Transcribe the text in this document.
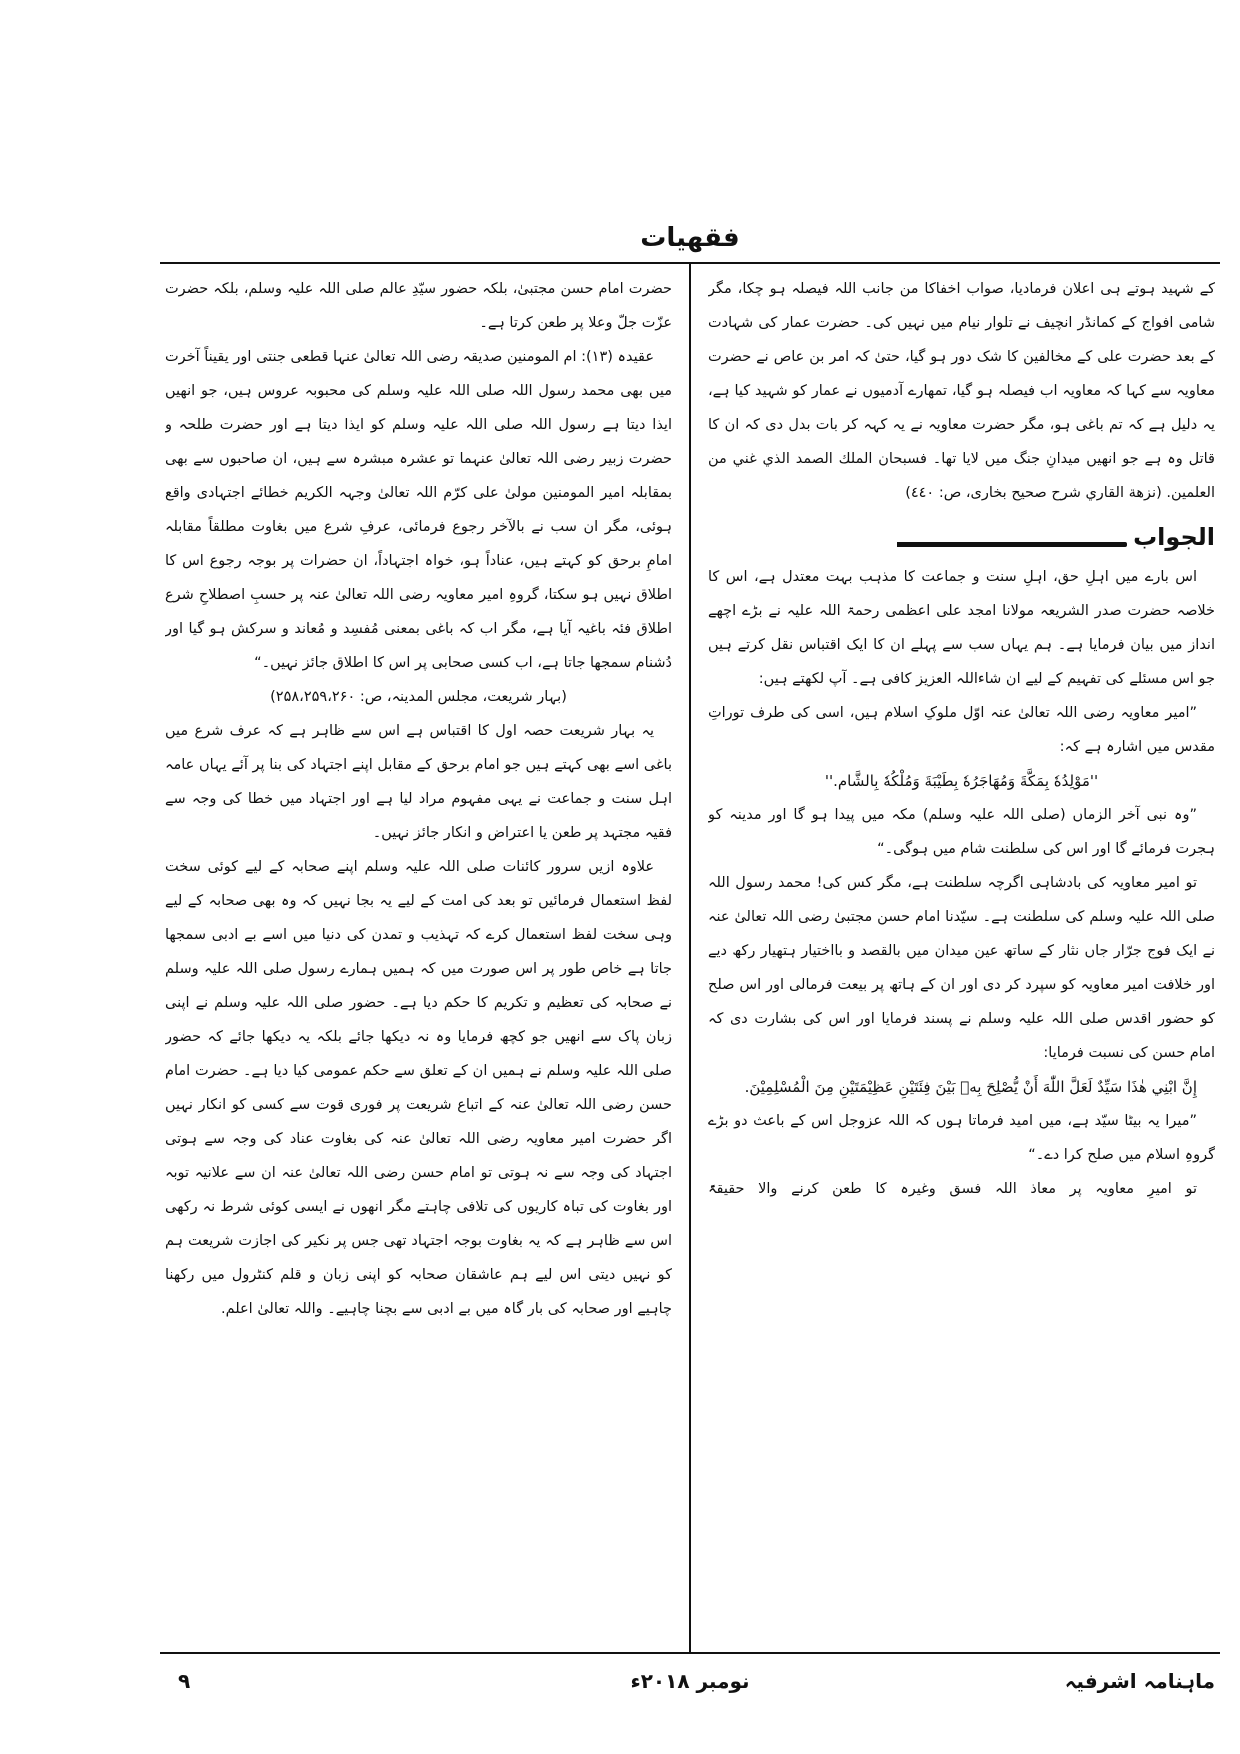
فقهيات

کے شہید ہوتے ہی اعلان فرمادیا، صواب اخفاکا من جانب اللہ فیصلہ ہو چکا، مگر شامی افواج کے کمانڈر انچیف نے تلوار نیام میں نہیں کی۔ حضرت عمار کی شہادت کے بعد حضرت علی کے مخالفین کا شک دور ہو گیا، حتیٰ کہ امر بن عاص نے حضرت معاویہ سے کہا کہ معاویہ اب فیصلہ ہو گیا، تمھارے آدمیوں نے عمار کو شہید کیا ہے، یہ دلیل ہے کہ تم باغی ہو، مگر حضرت معاویہ نے یہ کہہ کر بات بدل دی کہ ان کا قاتل وہ ہے جو انھیں میدانِ جنگ میں لایا تھا۔ فسبحان الملك الصمد الذي غني من العلمين. (نزهة القاري شرح صحيح بخاری، ص: ٤٤٠)

الجواب

اس بارے میں اہلِ حق، اہلِ سنت و جماعت کا مذہب بہت معتدل ہے، اس کا خلاصہ حضرت صدر الشریعہ مولانا امجد علی اعظمی رحمۃ اللہ علیہ نے بڑے اچھے انداز میں بیان فرمایا ہے۔ ہم یہاں سب سے پہلے ان کا ایک اقتباس نقل کرتے ہیں جو اس مسئلے کی تفہیم کے لیے ان شاءاللہ العزیز کافی ہے۔ آپ لکھتے ہیں:

”امیر معاویہ رضی اللہ تعالیٰ عنہ اوّل ملوکِ اسلام ہیں، اسی کی طرف توراتِ مقدس میں اشارہ ہے کہ:

''مَوْلِدُهٗ بِمَكَّةَ وَمُهَاجَرُهٗ بِطَيْبَةَ وَمُلْكُهٗ بِالشَّام.''

”وہ نبی آخر الزماں (صلی اللہ علیہ وسلم) مکہ میں پیدا ہو گا اور مدینہ کو ہجرت فرمائے گا اور اس کی سلطنت شام میں ہوگی۔“

تو امیر معاویہ کی بادشاہی اگرچہ سلطنت ہے، مگر کس کی! محمد رسول اللہ صلی اللہ علیہ وسلم کی سلطنت ہے۔ سیّدنا امام حسن مجتبیٰ رضی اللہ تعالیٰ عنہ نے ایک فوج جرّار جاں نثار کے ساتھ عین میدان میں بالقصد و بااختیار ہتھیار رکھ دیے اور خلافت امیر معاویہ کو سپرد کر دی اور ان کے ہاتھ پر بیعت فرمالی اور اس صلح کو حضور اقدس صلی اللہ علیہ وسلم نے پسند فرمایا اور اس کی بشارت دی کہ امام حسن کی نسبت فرمایا:

إِنَّ ابْنِي هٰذَا سَيِّدٌ لَعَلَّ اللّٰهَ أَنْ يُّصْلِحَ بِهٖ بَيْنَ فِئَتَيْنِ عَظِيْمَتَيْنِ مِنَ الْمُسْلِمِيْنَ.

”میرا یہ بیٹا سیّد ہے، میں امید فرماتا ہوں کہ اللہ عزوجل اس کے باعث دو بڑے گروہِ اسلام میں صلح کرا دے۔“

تو امیرِ معاویہ پر معاذ اللہ فسق وغیرہ کا طعن کرنے والا حقیقۃً

حضرت امام حسن مجتبیٰ، بلکہ حضور سیّدِ عالم صلی اللہ علیہ وسلم، بلکہ حضرت عزّت جلّ وعلا پر طعن کرتا ہے۔

عقیدہ (۱۳): ام المومنین صدیقہ رضی اللہ تعالیٰ عنہا قطعی جنتی اور یقیناً آخرت میں بھی محمد رسول اللہ صلی اللہ علیہ وسلم کی محبوبہ عروس ہیں، جو انھیں ایذا دیتا ہے رسول اللہ صلی اللہ علیہ وسلم کو ایذا دیتا ہے اور حضرت طلحہ و حضرت زبیر رضی اللہ تعالیٰ عنہما تو عشرہ مبشرہ سے ہیں، ان صاحبوں سے بھی بمقابلہ امیر المومنین مولیٰ علی کرّم اللہ تعالیٰ وجہہ الکریم خطائے اجتہادی واقع ہوئی، مگر ان سب نے بالآخر رجوع فرمائی، عرفِ شرع میں بغاوت مطلقاً مقابلہ امامِ برحق کو کہتے ہیں، عناداً ہو، خواہ اجتہاداً، ان حضرات پر بوجہ رجوع اس کا اطلاق نہیں ہو سکتا، گروہِ امیر معاویہ رضی اللہ تعالیٰ عنہ پر حسبِ اصطلاحِ شرع اطلاق فئہ باغیہ آیا ہے، مگر اب کہ باغی بمعنی مُفسِد و مُعاند و سرکش ہو گیا اور دُشنام سمجھا جاتا ہے، اب کسی صحابی پر اس کا اطلاق جائز نہیں۔“

(بہار شریعت، مجلس المدینہ، ص: ۲۵۸،۲۵۹،۲۶۰)

یہ بہار شریعت حصہ اول کا اقتباس ہے اس سے ظاہر ہے کہ عرف شرع میں باغی اسے بھی کہتے ہیں جو امام برحق کے مقابل اپنے اجتہاد کی بنا پر آئے یہاں عامہ اہل سنت و جماعت نے یہی مفہوم مراد لیا ہے اور اجتہاد میں خطا کی وجہ سے فقیہ مجتہد پر طعن یا اعتراض و انکار جائز نہیں۔

علاوہ ازیں سرور کائنات صلی اللہ علیہ وسلم اپنے صحابہ کے لیے کوئی سخت لفظ استعمال فرمائیں تو بعد کی امت کے لیے یہ بجا نہیں کہ وہ بھی صحابہ کے لیے وہی سخت لفظ استعمال کرے کہ تہذیب و تمدن کی دنیا میں اسے بے ادبی سمجھا جاتا ہے خاص طور پر اس صورت میں کہ ہمیں ہمارے رسول صلی اللہ علیہ وسلم نے صحابہ کی تعظیم و تکریم کا حکم دیا ہے۔ حضور صلی اللہ علیہ وسلم نے اپنی زبان پاک سے انھیں جو کچھ فرمایا وہ نہ دیکھا جائے بلکہ یہ دیکھا جائے کہ حضور صلی اللہ علیہ وسلم نے ہمیں ان کے تعلق سے حکم عمومی کیا دیا ہے۔ حضرت امام حسن رضی اللہ تعالیٰ عنہ کے اتباع شریعت پر فوری قوت سے کسی کو انکار نہیں اگر حضرت امیر معاویہ رضی اللہ تعالیٰ عنہ کی بغاوت عناد کی وجہ سے ہوتی اجتہاد کی وجہ سے نہ ہوتی تو امام حسن رضی اللہ تعالیٰ عنہ ان سے علانیہ توبہ اور بغاوت کی تباہ کاریوں کی تلافی چاہتے مگر انھوں نے ایسی کوئی شرط نہ رکھی اس سے ظاہر ہے کہ یہ بغاوت بوجہ اجتہاد تھی جس پر نکیر کی اجازت شریعت ہم کو نہیں دیتی اس لیے ہم عاشقان صحابہ کو اپنی زبان و قلم کنٹرول میں رکھنا چاہیے اور صحابہ کی بار گاہ میں بے ادبی سے بچنا چاہیے۔ واللہ تعالیٰ اعلم.

ماہنامہ اشرفیہ
نومبر ۲۰۱۸ء
۹
